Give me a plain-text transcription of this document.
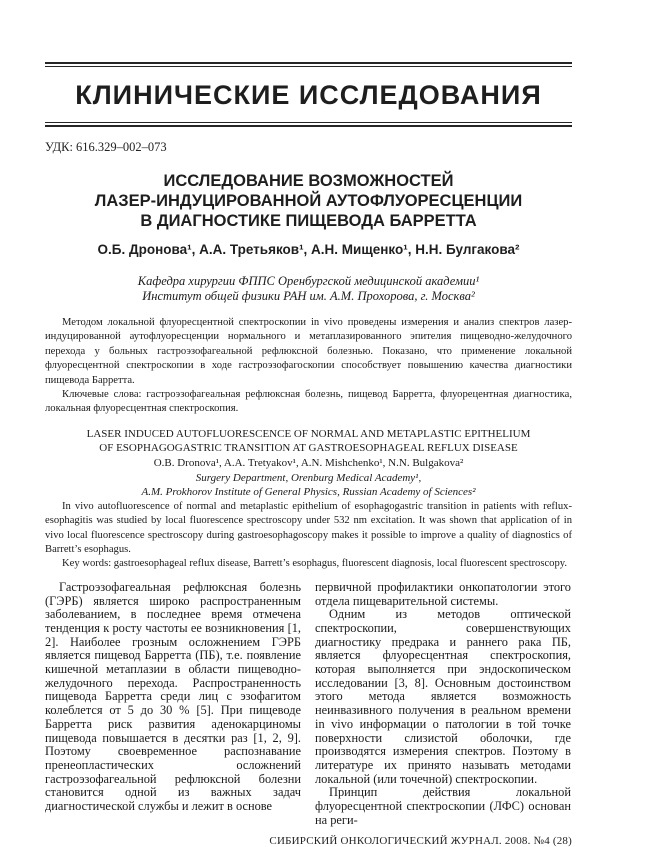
КЛИНИЧЕСКИЕ ИССЛЕДОВАНИЯ
УДК: 616.329–002–073
ИССЛЕДОВАНИЕ ВОЗМОЖНОСТЕЙ
ЛАЗЕР-ИНДУЦИРОВАННОЙ АУТОФЛУОРЕСЦЕНЦИИ
В ДИАГНОСТИКЕ ПИЩЕВОДА БАРРЕТТА
О.Б. Дронова¹, А.А. Третьяков¹, А.Н. Мищенко¹, Н.Н. Булгакова²
Кафедра хирургии ФППС Оренбургской медицинской академии¹
Институт общей физики РАН им. А.М. Прохорова, г. Москва²

Методом локальной флуоресцентной спектроскопии in vivo проведены измерения и анализ спектров лазер-индуцированной аутофлуоресценции нормального и метаплазированного эпителия пищеводно-желудочного перехода у больных гастроэзофагеальной рефлюксной болезнью. Показано, что применение локальной флуоресцентной спектроскопии в ходе гастроэзофагоскопии способствует повышению качества диагностики пищевода Барретта.

Ключевые слова: гастроэзофагеальная рефлюксная болезнь, пищевод Барретта, флуорецентная диагностика, локальная флуоресцентная спектроскопия.

LASER INDUCED AUTOFLUORESCENCE OF NORMAL AND METAPLASTIC EPITHELIUM
OF ESOPHAGOGASTRIC TRANSITION AT GASTROESOPHAGEAL REFLUX DISEASE
O.B. Dronova¹, A.A. Tretyakov¹, A.N. Mishchenko¹, N.N. Bulgakova²
Surgery Department, Orenburg Medical Academy¹,
A.M. Prokhorov Institute of General Physics, Russian Academy of Sciences²

In vivo autofluorescence of normal and metaplastic epithelium of esophagogastric transition in patients with reflux-esophagitis was studied by local fluorescence spectroscopy under 532 nm excitation. It was shown that application of in vivo local fluorescence spectroscopy during gastroesophagoscopy makes it possible to improve a quality of diagnostics of Barrett’s esophagus.

Key words: gastroesophageal reflux disease, Barrett’s esophagus, fluorescent diagnosis, local fluorescent spectroscopy.

Гастроэзофагеальная рефлюксная болезнь (ГЭРБ) является широко распространенным заболеванием, в последнее время отмечена тенденция к росту частоты ее возникновения [1, 2]. Наиболее грозным осложнением ГЭРБ является пищевод Барретта (ПБ), т.е. появление кишечной метаплазии в области пищеводно-желудочного перехода. Распространенность пищевода Барретта среди лиц с эзофагитом колеблется от 5 до 30 % [5]. При пищеводе Барретта риск развития аденокарциномы пищевода повышается в десятки раз [1, 2, 9]. Поэтому своевременное распознавание пренеопластических осложнений гастроэзофагеальной рефлюксной болезни становится одной из важных задач диагностической службы и лежит в основе

первичной профилактики онкопатологии этого отдела пищеварительной системы.

Одним из методов оптической спектроскопии, совершенствующих диагностику предрака и раннего рака ПБ, является флуоресцентная спектроскопия, которая выполняется при эндоскопическом исследовании [3, 8]. Основным достоинством этого метода является возможность неинвазивного получения в реальном времени in vivo информации о патологии в той точке поверхности слизистой оболочки, где производятся измерения спектров. Поэтому в литературе их принято называть методами локальной (или точечной) спектроскопии.

Принцип действия локальной флуоресцентной спектроскопии (ЛФС) основан на реги-

СИБИРСКИЙ ОНКОЛОГИЧЕСКИЙ ЖУРНАЛ. 2008. №4 (28)
